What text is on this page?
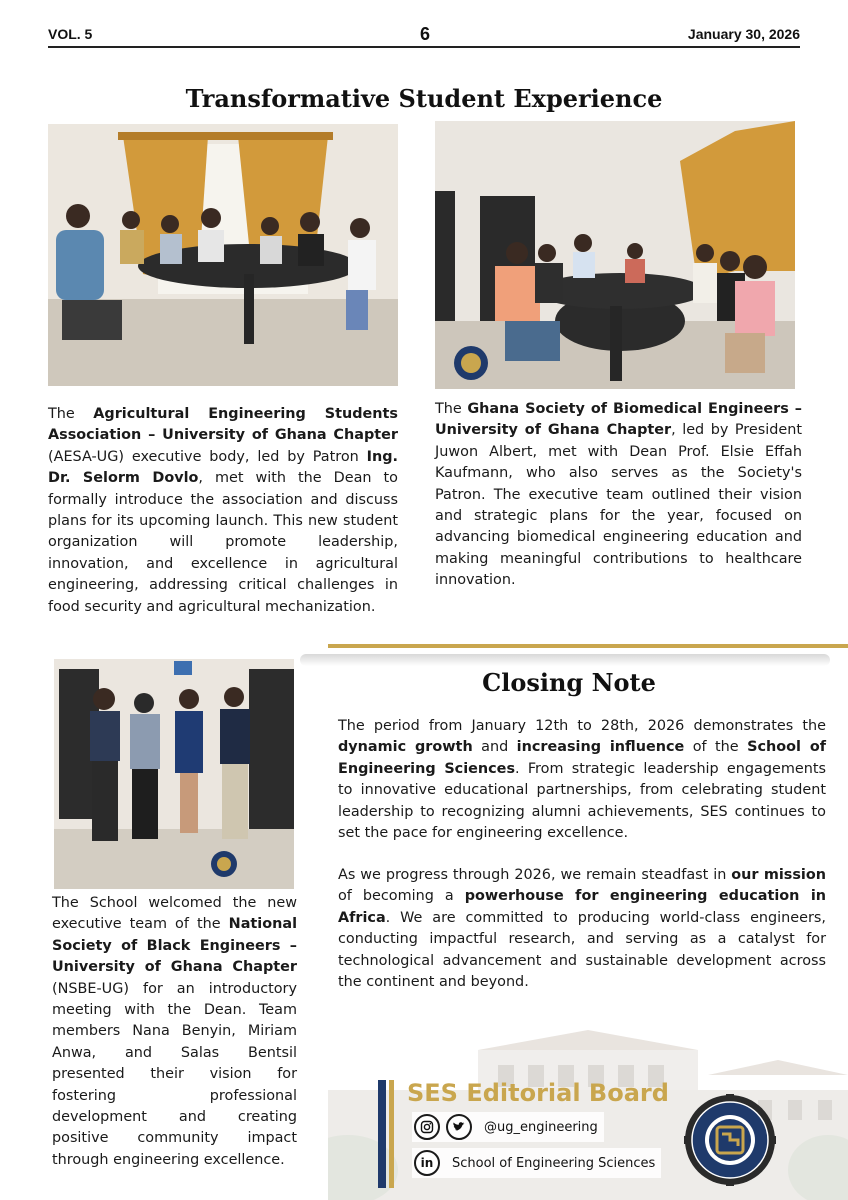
VOL. 5	6	January 30, 2026
Transformative Student Experience
The Agricultural Engineering Students Association – University of Ghana Chapter (AESA-UG) executive body, led by Patron Ing. Dr. Selorm Dovlo, met with the Dean to formally introduce the association and discuss plans for its upcoming launch. This new student organization will promote leadership, innovation, and excellence in agricultural engineering, addressing critical challenges in food security and agricultural mechanization.
The Ghana Society of Biomedical Engineers – University of Ghana Chapter, led by President Juwon Albert, met with Dean Prof. Elsie Effah Kaufmann, who also serves as the Society's Patron. The executive team outlined their vision and strategic plans for the year, focused on advancing biomedical engineering education and making meaningful contributions to healthcare innovation.
The School welcomed the new executive team of the National Society of Black Engineers – University of Ghana Chapter (NSBE-UG) for an introductory meeting with the Dean. Team members Nana Benyin, Miriam Anwa, and Salas Bentsil presented their vision for fostering professional development and creating positive community impact through engineering excellence.
Closing Note
The period from January 12th to 28th, 2026 demonstrates the dynamic growth and increasing influence of the School of Engineering Sciences. From strategic leadership engagements to innovative educational partnerships, from celebrating student leadership to recognizing alumni achievements, SES continues to set the pace for engineering excellence.
As we progress through 2026, we remain steadfast in our mission of becoming a powerhouse for engineering education in Africa. We are committed to producing world-class engineers, conducting impactful research, and serving as a catalyst for technological advancement and sustainable development across the continent and beyond.
SES Editorial Board
@ug_engineering
in	School of Engineering Sciences
